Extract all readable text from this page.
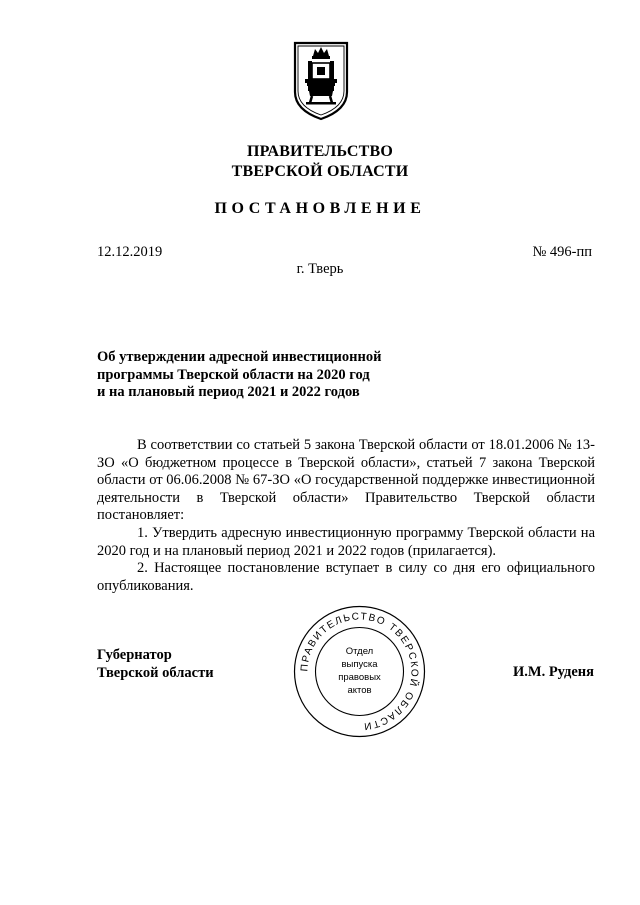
ПРАВИТЕЛЬСТВО
ТВЕРСКОЙ ОБЛАСТИ
ПОСТАНОВЛЕНИЕ
12.12.2019	№ 496-пп
г. Тверь
Об утверждении адресной инвестиционной
программы Тверской области на 2020 год
и на плановый период 2021 и 2022 годов

В соответствии со статьей 5 закона Тверской области от 18.01.2006 № 13-ЗО «О бюджетном процессе в Тверской области», статьей 7 закона Тверской области от 06.06.2008 № 67-ЗО «О государственной поддержке инвестиционной деятельности в Тверской области» Правительство Тверской области постановляет:

1. Утвердить адресную инвестиционную программу Тверской области на 2020 год и на плановый период 2021 и 2022 годов (прилагается).

2. Настоящее постановление вступает в силу со дня его официального опубликования.

Губернатор
Тверской области	ПРАВИТЕЛЬСТВО ТВЕРСКОЙ ОБЛАСТИ
Отдел
выпуска
правовых
актов
И.М. Руденя
